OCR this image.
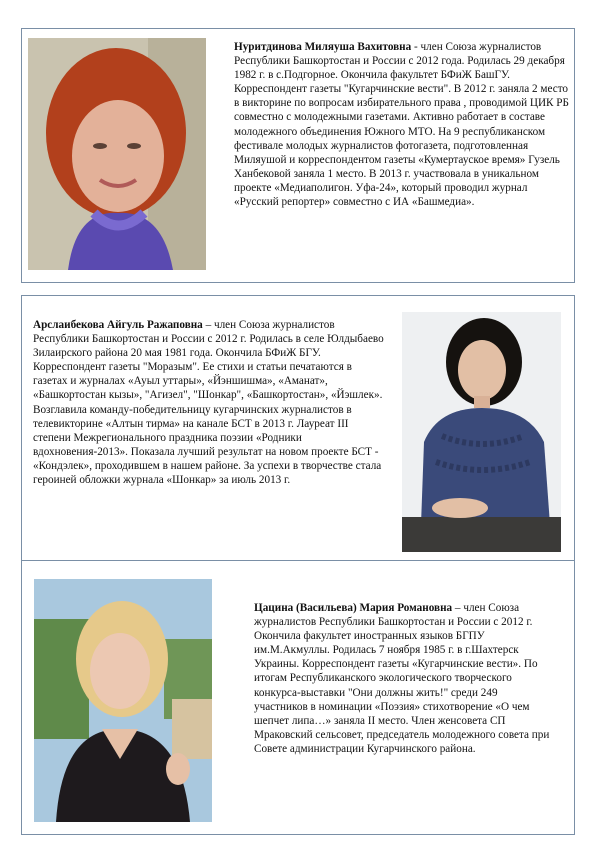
Нуритдинова Миляуша Вахитовна - член Союза журналистов Республики Башкортостан и России с 2012 года. Родилась 29 декабря 1982 г. в с.Подгорное. Окончила факультет БФиЖ БашГУ. Корреспондент газеты "Кугарчинские вести". В 2012 г. заняла 2 место в викторине по вопросам избирательного права , проводимой ЦИК РБ совместно с молодежными газетами. Активно работает в составе молодежного объединения Южного МТО. На 9 республиканском фестивале молодых журналистов фотогазета, подготовленная Миляушой и корреспондентом газеты «Кумертауское время» Гузель Ханбековой заняла 1 место. В 2013 г. участвовала в уникальном проекте «Медиаполигон. Уфа-24», который проводил журнал «Русский репортер» совместно с ИА «Башмедиа».
Арслаибекова Айгуль Ражаповна – член Союза журналистов Республики Башкортостан и России с 2012 г. Родилась в селе Юлдыбаево Зилаирского района 20 мая 1981 года. Окончила БФиЖ БГУ. Корреспондент газеты "Моразым". Ее стихи и статьи печатаются в газетах и журналах «Ауыл уттары», «Йэншишма», «Аманат», «Башкортостан кызы», "Агизел", "Шонкар", «Башкортостан», «Йэшлек». Возглавила команду-победительницу кугарчинских журналистов в телевикторине «Алтын тирма» на канале БСТ в 2013 г. Лауреат III степени Межрегионального праздника поэзии «Родники вдохновения-2013». Показала лучший результат на новом проекте БСТ - «Кондэлек», проходившем в нашем районе. За успехи в творчестве стала героиней обложки журнала «Шонкар» за июль 2013 г.
Цацина (Васильева) Мария Романовна – член Союза журналистов Республики Башкортостан и России с 2012 г. Окончила факультет иностранных языков БГПУ им.М.Акмуллы. Родилась 7 ноября 1985 г. в г.Шахтерск Украины. Корреспондент газеты «Кугарчинские вести». По итогам Республиканского экологического творческого конкурса-выставки "Они должны жить!" среди 249 участников в номинации «Поэзия» стихотворение «О чем шепчет липа…» заняла II место. Член женсовета СП Мраковский сельсовет, председатель молодежного совета при Совете администрации Кугарчинского района.
